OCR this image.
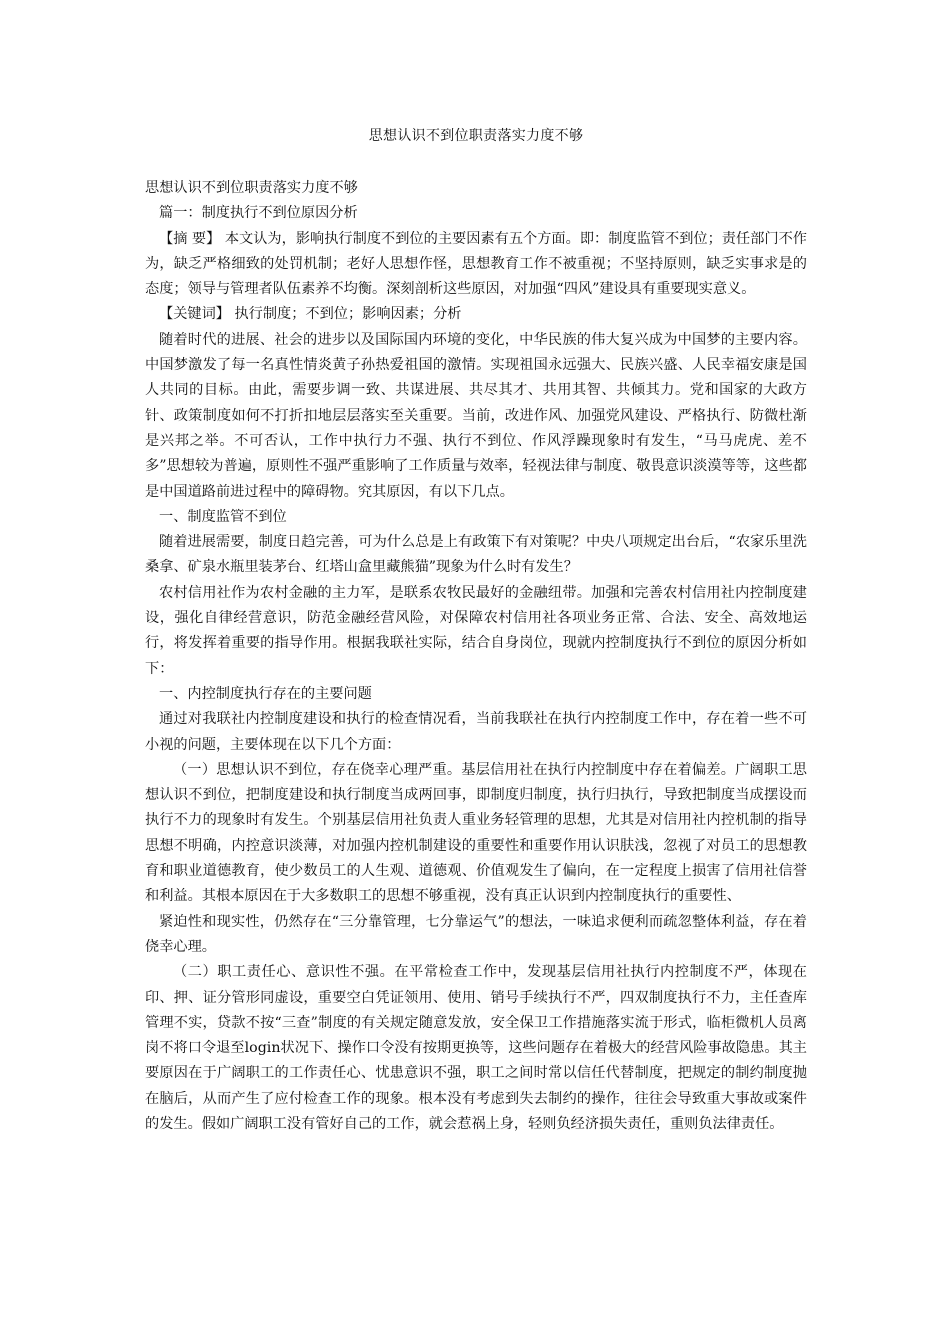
思想认识不到位职责落实力度不够

思想认识不到位职责落实力度不够

篇一：制度执行不到位原因分析

【摘 要】 本文认为，影响执行制度不到位的主要因素有五个方面。即：制度监管不到位；责任部门不作为，缺乏严格细致的处罚机制；老好人思想作怪，思想教育工作不被重视；不坚持原则，缺乏实事求是的态度；领导与管理者队伍素养不均衡。深刻剖析这些原因，对加强“四风”建设具有重要现实意义。

【关键词】 执行制度；不到位；影响因素；分析

随着时代的进展、社会的进步以及国际国内环境的变化，中华民族的伟大复兴成为中国梦的主要内容。中国梦激发了每一名真性情炎黄子孙热爱祖国的激情。实现祖国永远强大、民族兴盛、人民幸福安康是国人共同的目标。由此，需要步调一致、共谋进展、共尽其才、共用其智、共倾其力。党和国家的大政方针、政策制度如何不打折扣地层层落实至关重要。当前，改进作风、加强党风建设、严格执行、防微杜渐是兴邦之举。不可否认，工作中执行力不强、执行不到位、作风浮躁现象时有发生，“马马虎虎、差不多”思想较为普遍，原则性不强严重影响了工作质量与效率，轻视法律与制度、敬畏意识淡漠等等，这些都是中国道路前进过程中的障碍物。究其原因，有以下几点。

一、制度监管不到位

随着进展需要，制度日趋完善，可为什么总是上有政策下有对策呢？中央八项规定出台后，“农家乐里洗桑拿、矿泉水瓶里装茅台、红塔山盒里藏熊猫”现象为什么时有发生？

农村信用社作为农村金融的主力军，是联系农牧民最好的金融纽带。加强和完善农村信用社内控制度建设，强化自律经营意识，防范金融经营风险，对保障农村信用社各项业务正常、合法、安全、高效地运行，将发挥着重要的指导作用。根据我联社实际，结合自身岗位，现就内控制度执行不到位的原因分析如下：

一、内控制度执行存在的主要问题

通过对我联社内控制度建设和执行的检查情况看，当前我联社在执行内控制度工作中，存在着一些不可小视的问题，主要体现在以下几个方面：

（一）思想认识不到位，存在侥幸心理严重。基层信用社在执行内控制度中存在着偏差。广阔职工思想认识不到位，把制度建设和执行制度当成两回事，即制度归制度，执行归执行，导致把制度当成摆设而执行不力的现象时有发生。个别基层信用社负责人重业务轻管理的思想，尤其是对信用社内控机制的指导思想不明确，内控意识淡薄，对加强内控机制建设的重要性和重要作用认识肤浅，忽视了对员工的思想教育和职业道德教育，使少数员工的人生观、道德观、价值观发生了偏向，在一定程度上损害了信用社信誉和利益。其根本原因在于大多数职工的思想不够重视，没有真正认识到内控制度执行的重要性、

紧迫性和现实性，仍然存在“三分靠管理，七分靠运气”的想法，一味追求便利而疏忽整体利益，存在着侥幸心理。

（二）职工责任心、意识性不强。在平常检查工作中，发现基层信用社执行内控制度不严，体现在印、押、证分管形同虚设，重要空白凭证领用、使用、销号手续执行不严，四双制度执行不力，主任查库管理不实，贷款不按“三查”制度的有关规定随意发放，安全保卫工作措施落实流于形式，临柜微机人员离岗不将口令退至login状况下、操作口令没有按期更换等，这些问题存在着极大的经营风险事故隐患。其主要原因在于广阔职工的工作责任心、忧患意识不强，职工之间时常以信任代替制度，把规定的制约制度抛在脑后，从而产生了应付检查工作的现象。根本没有考虑到失去制约的操作，往往会导致重大事故或案件的发生。假如广阔职工没有管好自己的工作，就会惹祸上身，轻则负经济损失责任，重则负法律责任。
